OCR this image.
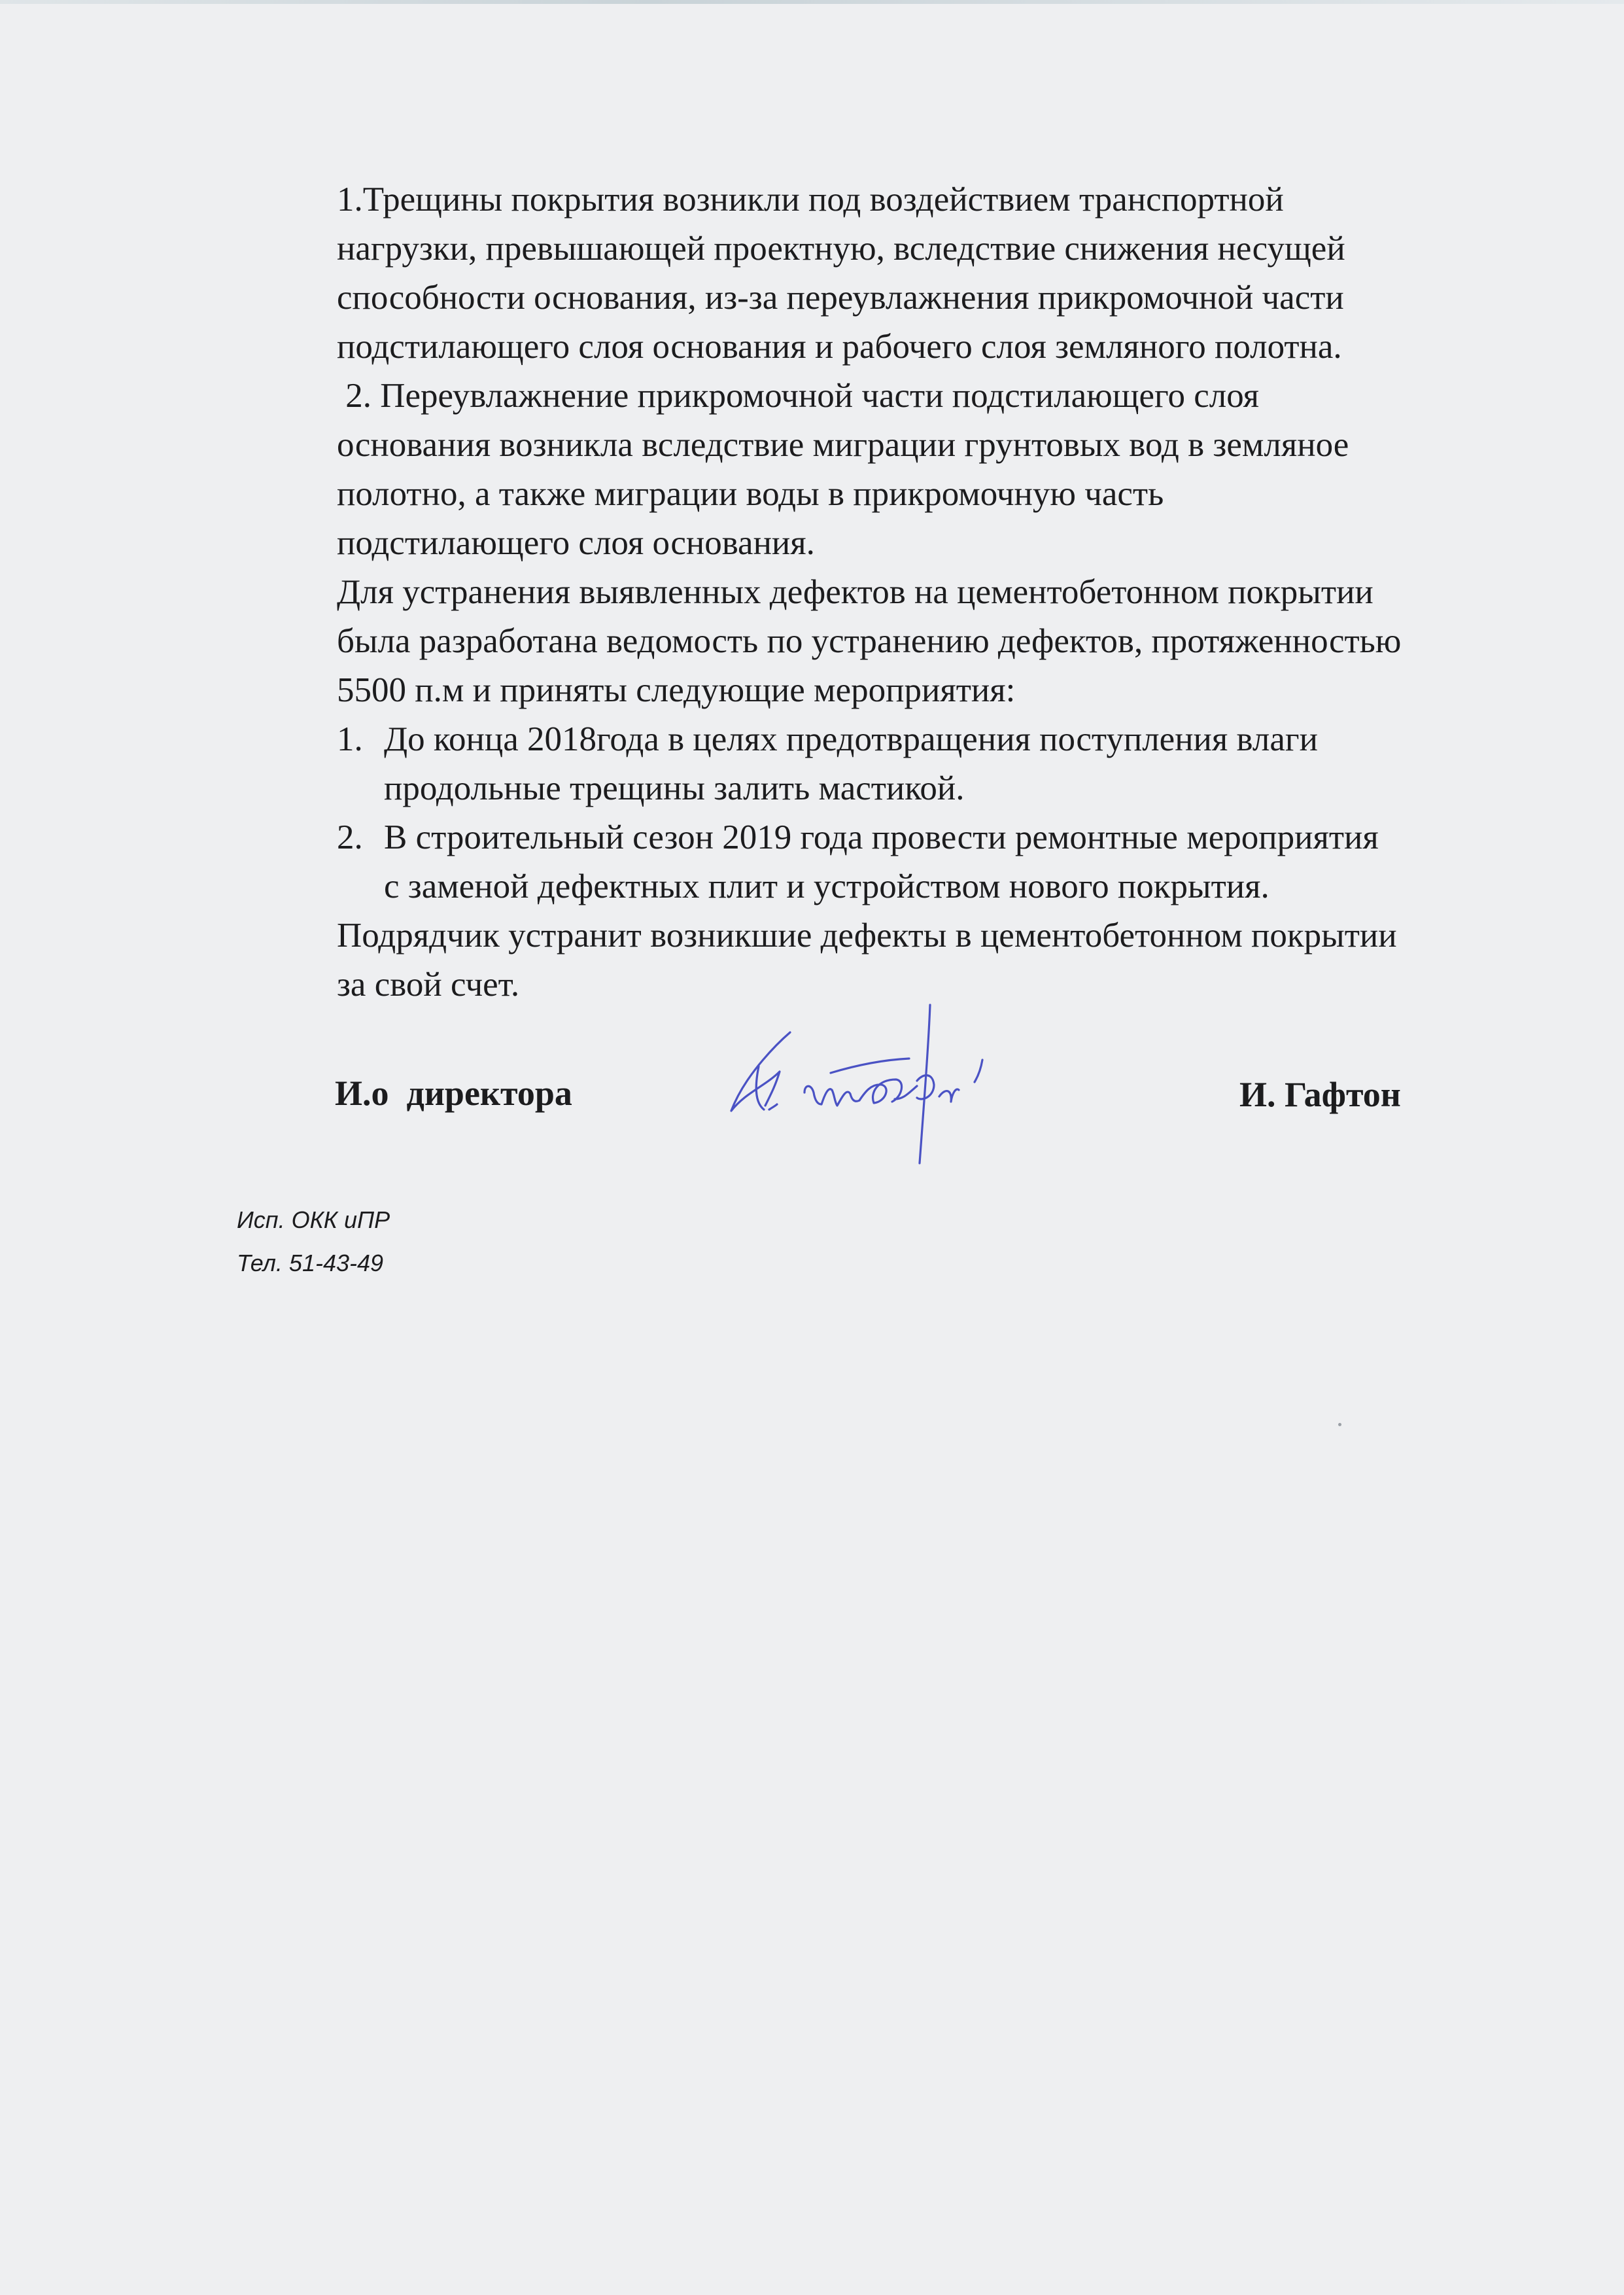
1.Трещины покрытия возникли под воздействием транспортной

нагрузки, превышающей проектную, вследствие снижения несущей

способности основания, из-за переувлажнения прикромочной части

подстилающего слоя основания и рабочего слоя земляного полотна.

2. Переувлажнение прикромочной части подстилающего слоя

основания возникла вследствие миграции грунтовых вод в земляное

полотно, а также миграции воды в прикромочную часть

подстилающего слоя основания.

Для устранения выявленных дефектов на цементобетонном покрытии

была разработана ведомость по устранению дефектов, протяженностью

5500 п.м и приняты следующие мероприятия:

1. До конца 2018года в целях предотвращения поступления влаги
продольные трещины залить мастикой.
2. В строительный сезон 2019 года провести ремонтные мероприятия
с заменой дефектных плит и устройством нового покрытия.

Подрядчик устранит возникшие дефекты в цементобетонном покрытии

за свой счет.

И.о  директора	И. Гафтон
Исп. ОКК иПР
Тел. 51-43-49
